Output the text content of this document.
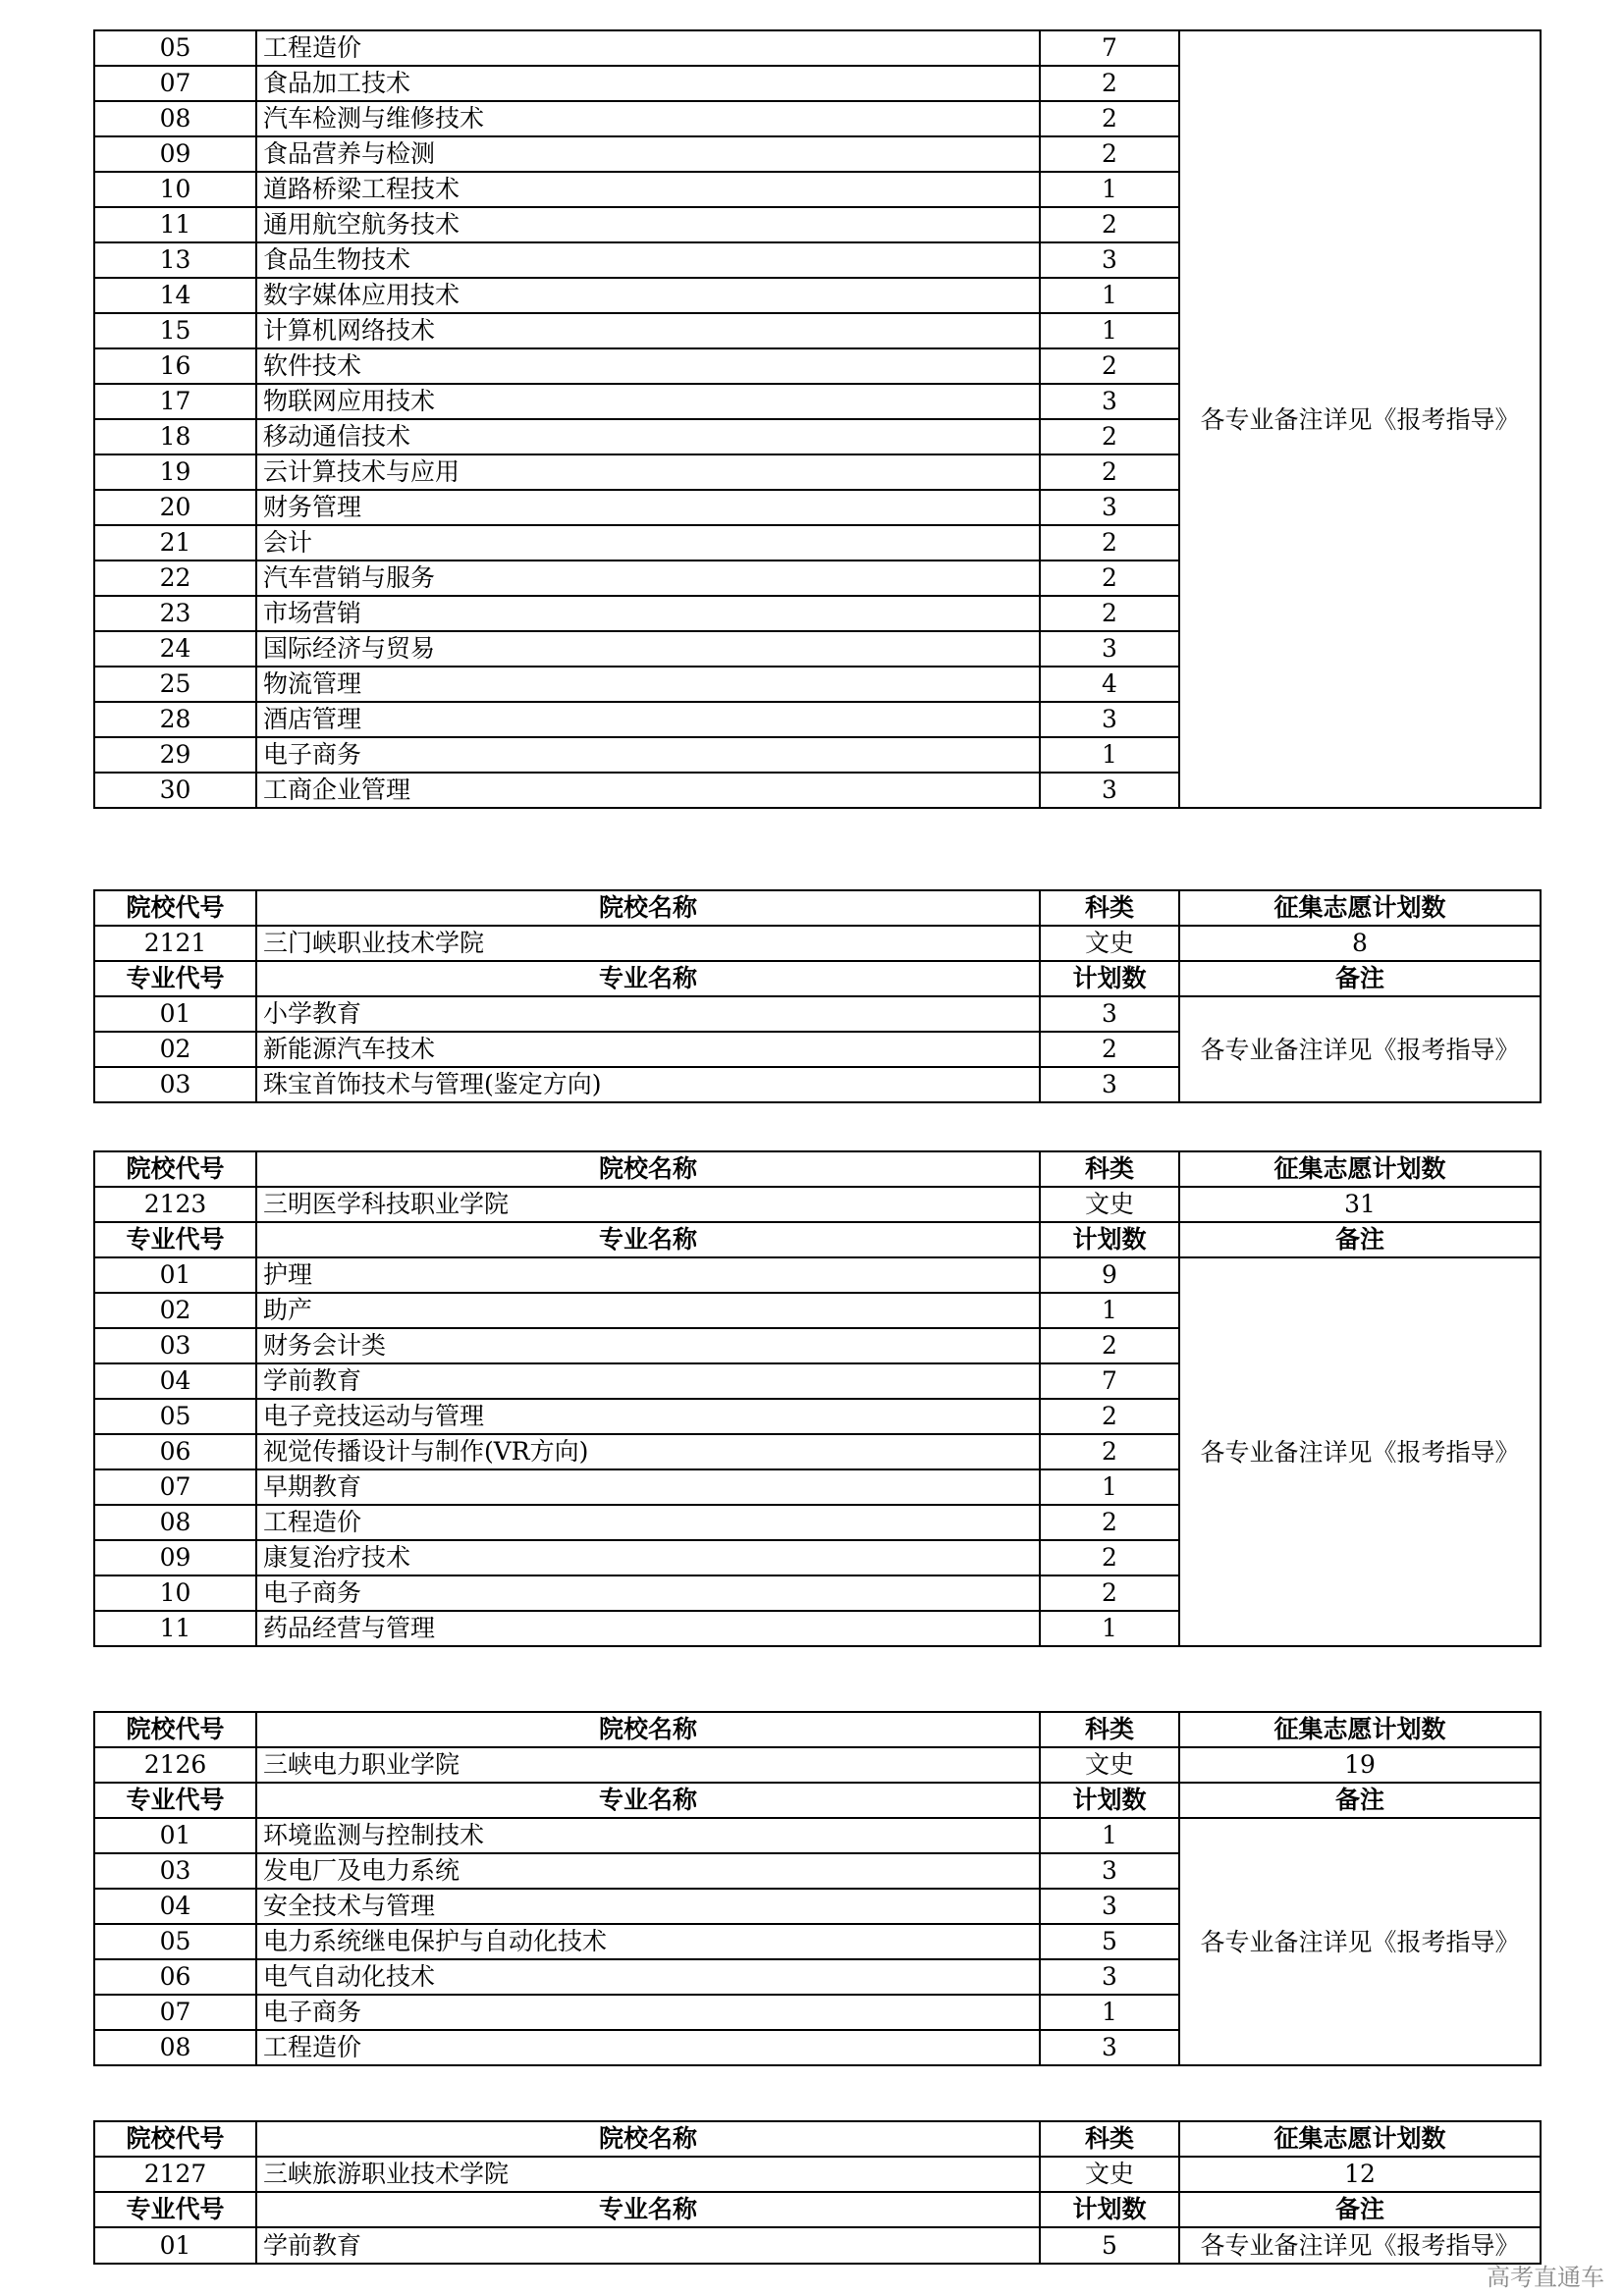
05	工程造价	7	各专业备注详见《报考指导》
07	食品加工技术	2	
08	汽车检测与维修技术	2	
09	食品营养与检测	2	
10	道路桥梁工程技术	1	
11	通用航空航务技术	2	
13	食品生物技术	3	
14	数字媒体应用技术	1	
15	计算机网络技术	1	
16	软件技术	2	
17	物联网应用技术	3	
18	移动通信技术	2	
19	云计算技术与应用	2	
20	财务管理	3	
21	会计	2	
22	汽车营销与服务	2	
23	市场营销	2	
24	国际经济与贸易	3	
25	物流管理	4	
28	酒店管理	3	
29	电子商务	1	
30	工商企业管理	3	
院校代号	院校名称	科类	征集志愿计划数
2121	三门峡职业技术学院	文史	8
专业代号	专业名称	计划数	备注
01	小学教育	3	各专业备注详见《报考指导》
02	新能源汽车技术	2	
03	珠宝首饰技术与管理(鉴定方向)	3	
院校代号	院校名称	科类	征集志愿计划数
2123	三明医学科技职业学院	文史	31
专业代号	专业名称	计划数	备注
01	护理	9	各专业备注详见《报考指导》
02	助产	1	
03	财务会计类	2	
04	学前教育	7	
05	电子竞技运动与管理	2	
06	视觉传播设计与制作(VR方向)	2	
07	早期教育	1	
08	工程造价	2	
09	康复治疗技术	2	
10	电子商务	2	
11	药品经营与管理	1	
院校代号	院校名称	科类	征集志愿计划数
2126	三峡电力职业学院	文史	19
专业代号	专业名称	计划数	备注
01	环境监测与控制技术	1	各专业备注详见《报考指导》
03	发电厂及电力系统	3	
04	安全技术与管理	3	
05	电力系统继电保护与自动化技术	5	
06	电气自动化技术	3	
07	电子商务	1	
08	工程造价	3	
院校代号	院校名称	科类	征集志愿计划数
2127	三峡旅游职业技术学院	文史	12
专业代号	专业名称	计划数	备注
01	学前教育	5	各专业备注详见《报考指导》
高考直通车
